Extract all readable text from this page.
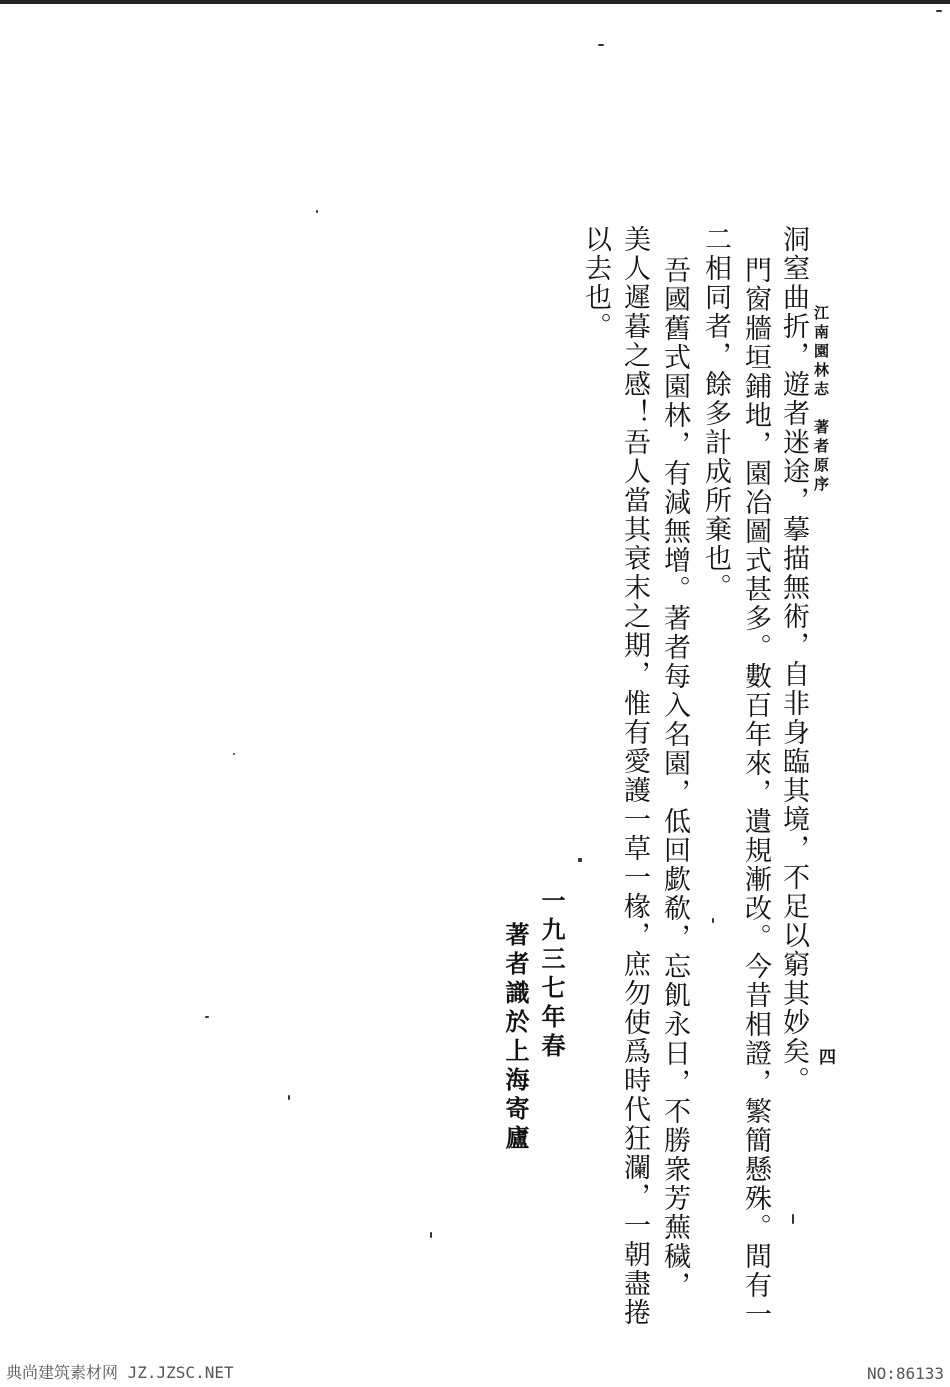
江南園林志　著者原序
四
洞窒曲折，遊者迷途，摹描無術，自非身臨其境，不足以窮其妙矣。
門窗牆垣鋪地，園冶圖式甚多。數百年來，遺規漸改。今昔相證，繁簡懸殊。間有一
二相同者，餘多計成所棄也。
吾國舊式園林，有減無增。著者每入名園，低回歔欷，忘飢永日，不勝衆芳蕪穢，
美人遲暮之感！吾人當其衰末之期，惟有愛護一草一椽，庶勿使爲時代狂瀾，一朝盡捲
以去也。
一九三七年春
著者識於上海寄廬
典尚建筑素材网 JZ.JZSC.NET	NO:86133
